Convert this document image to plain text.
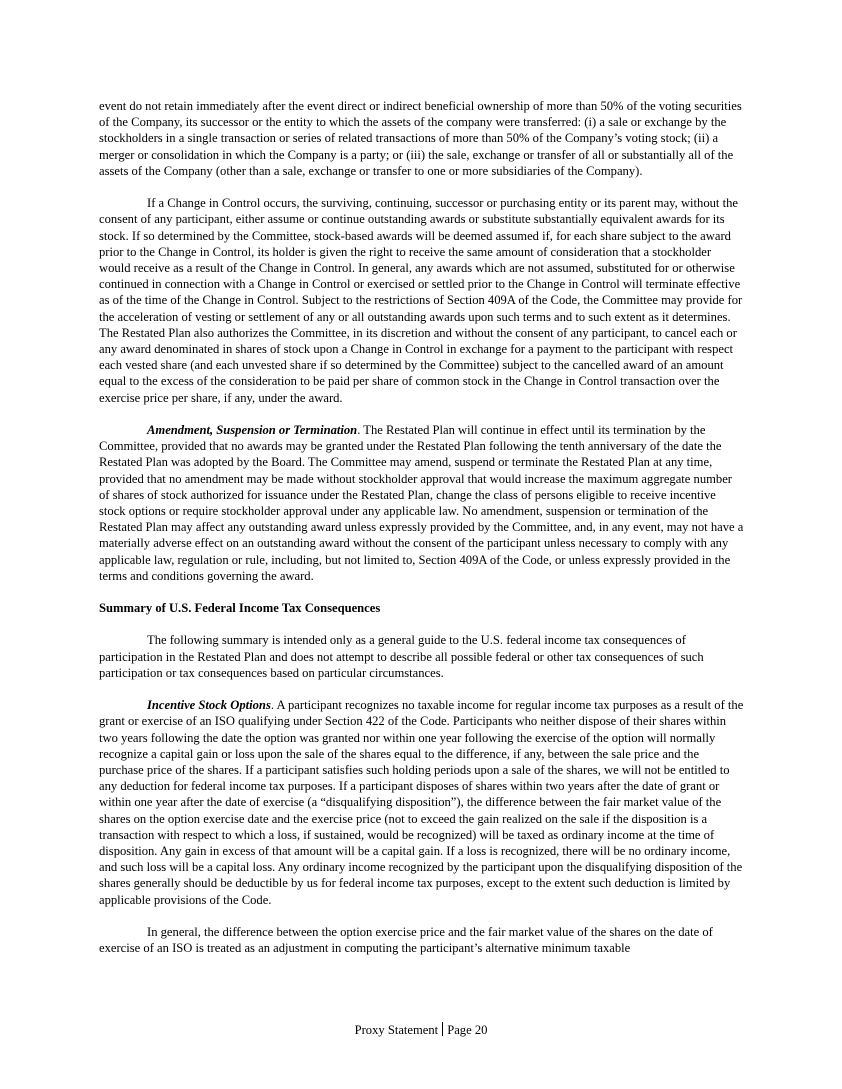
event do not retain immediately after the event direct or indirect beneficial ownership of more than 50% of the voting securities of the Company, its successor or the entity to which the assets of the company were transferred: (i) a sale or exchange by the stockholders in a single transaction or series of related transactions of more than 50% of the Company’s voting stock; (ii) a merger or consolidation in which the Company is a party; or (iii) the sale, exchange or transfer of all or substantially all of the assets of the Company (other than a sale, exchange or transfer to one or more subsidiaries of the Company).

If a Change in Control occurs, the surviving, continuing, successor or purchasing entity or its parent may, without the consent of any participant, either assume or continue outstanding awards or substitute substantially equivalent awards for its stock. If so determined by the Committee, stock-based awards will be deemed assumed if, for each share subject to the award prior to the Change in Control, its holder is given the right to receive the same amount of consideration that a stockholder would receive as a result of the Change in Control. In general, any awards which are not assumed, substituted for or otherwise continued in connection with a Change in Control or exercised or settled prior to the Change in Control will terminate effective as of the time of the Change in Control. Subject to the restrictions of Section 409A of the Code, the Committee may provide for the acceleration of vesting or settlement of any or all outstanding awards upon such terms and to such extent as it determines. The Restated Plan also authorizes the Committee, in its discretion and without the consent of any participant, to cancel each or any award denominated in shares of stock upon a Change in Control in exchange for a payment to the participant with respect each vested share (and each unvested share if so determined by the Committee) subject to the cancelled award of an amount equal to the excess of the consideration to be paid per share of common stock in the Change in Control transaction over the exercise price per share, if any, under the award.

Amendment, Suspension or Termination. The Restated Plan will continue in effect until its termination by the Committee, provided that no awards may be granted under the Restated Plan following the tenth anniversary of the date the Restated Plan was adopted by the Board. The Committee may amend, suspend or terminate the Restated Plan at any time, provided that no amendment may be made without stockholder approval that would increase the maximum aggregate number of shares of stock authorized for issuance under the Restated Plan, change the class of persons eligible to receive incentive stock options or require stockholder approval under any applicable law. No amendment, suspension or termination of the Restated Plan may affect any outstanding award unless expressly provided by the Committee, and, in any event, may not have a materially adverse effect on an outstanding award without the consent of the participant unless necessary to comply with any applicable law, regulation or rule, including, but not limited to, Section 409A of the Code, or unless expressly provided in the terms and conditions governing the award.

Summary of U.S. Federal Income Tax Consequences

The following summary is intended only as a general guide to the U.S. federal income tax consequences of participation in the Restated Plan and does not attempt to describe all possible federal or other tax consequences of such participation or tax consequences based on particular circumstances.

Incentive Stock Options. A participant recognizes no taxable income for regular income tax purposes as a result of the grant or exercise of an ISO qualifying under Section 422 of the Code. Participants who neither dispose of their shares within two years following the date the option was granted nor within one year following the exercise of the option will normally recognize a capital gain or loss upon the sale of the shares equal to the difference, if any, between the sale price and the purchase price of the shares. If a participant satisfies such holding periods upon a sale of the shares, we will not be entitled to any deduction for federal income tax purposes. If a participant disposes of shares within two years after the date of grant or within one year after the date of exercise (a “disqualifying disposition”), the difference between the fair market value of the shares on the option exercise date and the exercise price (not to exceed the gain realized on the sale if the disposition is a transaction with respect to which a loss, if sustained, would be recognized) will be taxed as ordinary income at the time of disposition. Any gain in excess of that amount will be a capital gain. If a loss is recognized, there will be no ordinary income, and such loss will be a capital loss. Any ordinary income recognized by the participant upon the disqualifying disposition of the shares generally should be deductible by us for federal income tax purposes, except to the extent such deduction is limited by applicable provisions of the Code.

In general, the difference between the option exercise price and the fair market value of the shares on the date of exercise of an ISO is treated as an adjustment in computing the participant’s alternative minimum taxable

Proxy Statement Page 20
